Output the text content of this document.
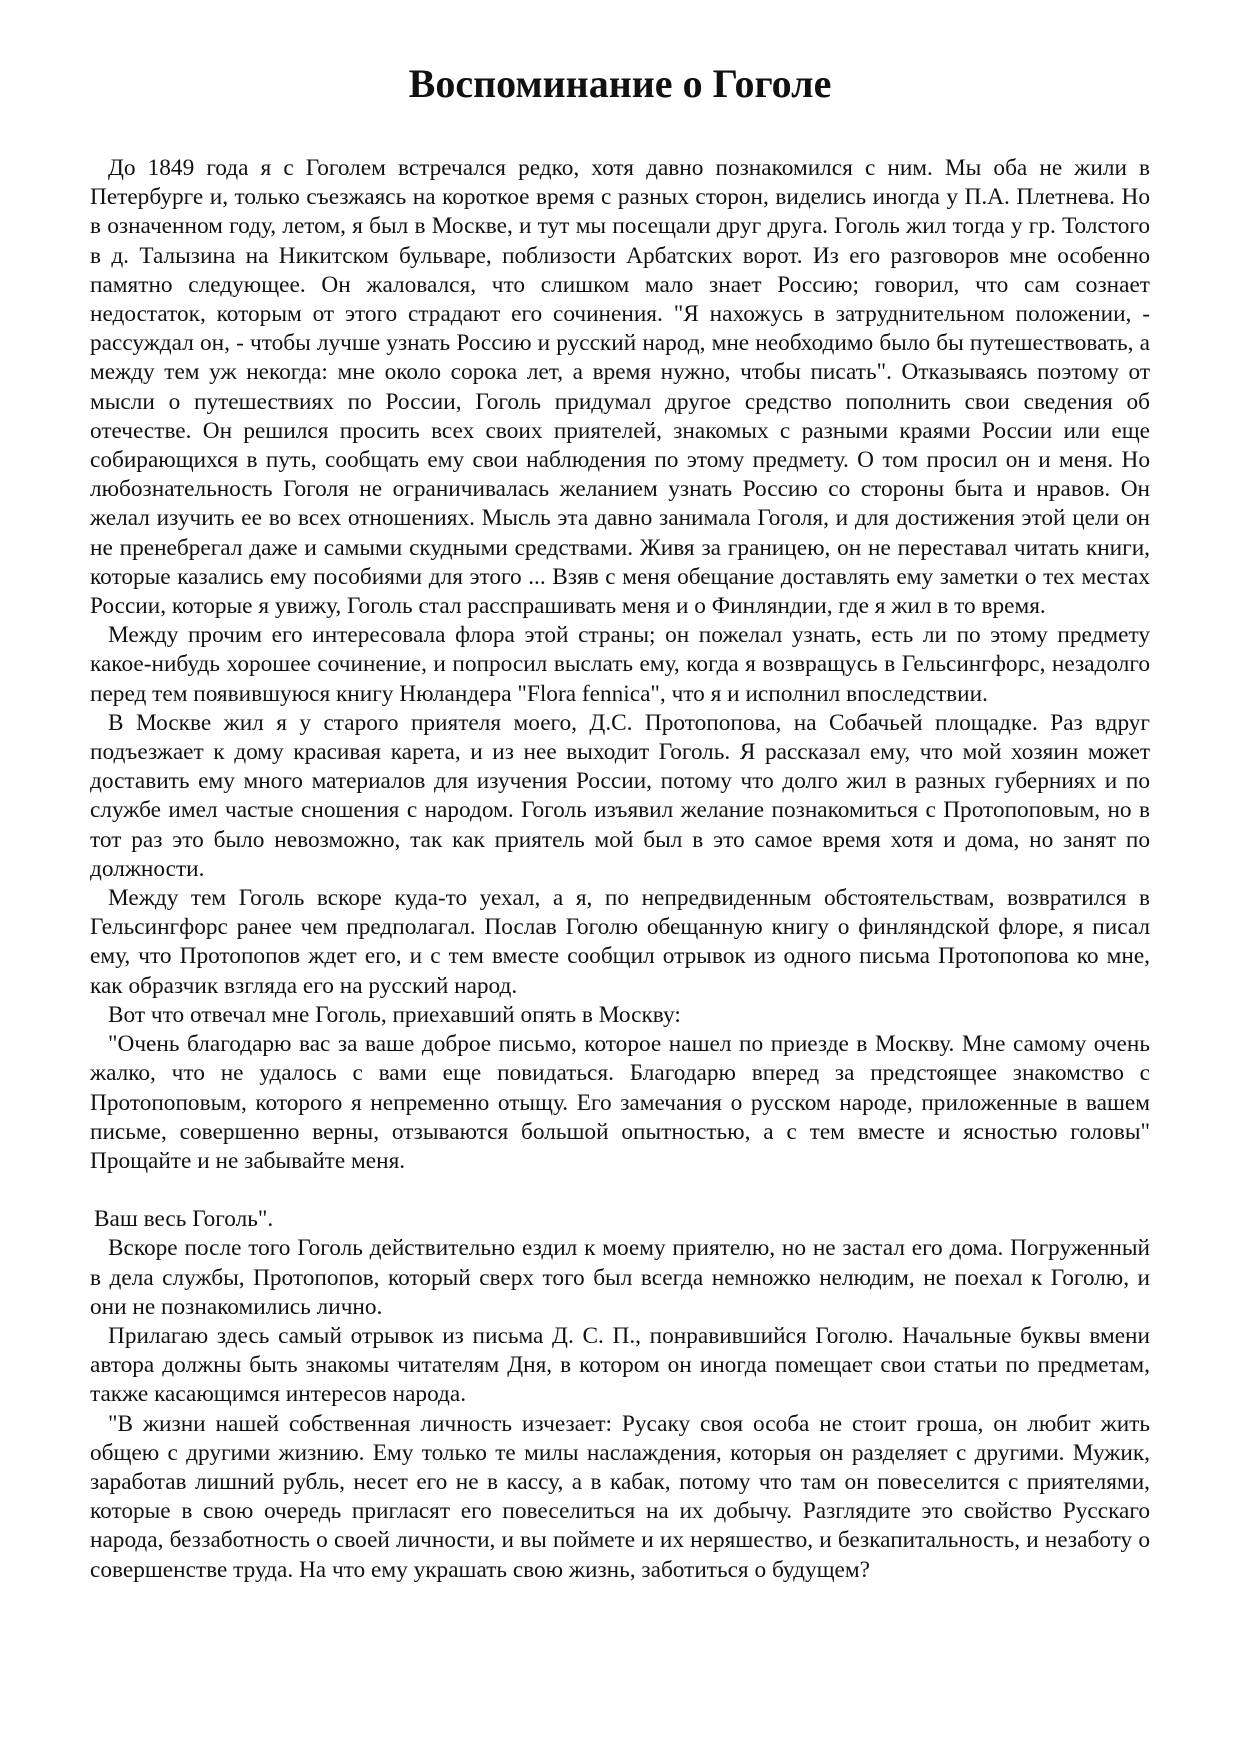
Воспоминание о Гоголе

До 1849 года я с Гоголем встречался редко, хотя давно познакомился с ним. Мы оба не жили в Петербурге и, только съезжаясь на короткое время с разных сторон, виделись иногда у П.А. Плетнева. Но в означенном году, летом, я был в Москве, и тут мы посещали друг друга. Гоголь жил тогда у гр. Толстого в д. Талызина на Никитском бульваре, поблизости Арбатских ворот. Из его разговоров мне особенно памятно следующее. Он жаловался, что слишком мало знает Россию; говорил, что сам сознает недостаток, которым от этого страдают его сочинения. "Я нахожусь в затруднительном положении, - рассуждал он, - чтобы лучше узнать Россию и русский народ, мне необходимо было бы путешествовать, а между тем уж некогда: мне около сорока лет, а время нужно, чтобы писать". Отказываясь поэтому от мысли о путешествиях по России, Гоголь придумал другое средство пополнить свои сведения об отечестве. Он решился просить всех своих приятелей, знакомых с разными краями России или еще собирающихся в путь, сообщать ему свои наблюдения по этому предмету. О том просил он и меня. Но любознательность Гоголя не ограничивалась желанием узнать Россию со стороны быта и нравов. Он желал изучить ее во всех отношениях. Мысль эта давно занимала Гоголя, и для достижения этой цели он не пренебрегал даже и самыми скудными средствами. Живя за границею, он не переставал читать книги, которые казались ему пособиями для этого ... Взяв с меня обещание доставлять ему заметки о тех местах России, которые я увижу, Гоголь стал расспрашивать меня и о Финляндии, где я жил в то время.

Между прочим его интересовала флора этой страны; он пожелал узнать, есть ли по этому предмету какое-нибудь хорошее сочинение, и попросил выслать ему, когда я возвращусь в Гельсингфорс, незадолго перед тем появившуюся книгу Нюландера "Flora fennica", что я и исполнил впоследствии.

В Москве жил я у старого приятеля моего, Д.С. Протопопова, на Собачьей площадке. Раз вдруг подъезжает к дому красивая карета, и из нее выходит Гоголь. Я рассказал ему, что мой хозяин может доставить ему много материалов для изучения России, потому что долго жил в разных губерниях и по службе имел частые сношения с народом. Гоголь изъявил желание познакомиться с Протопоповым, но в тот раз это было невозможно, так как приятель мой был в это самое время хотя и дома, но занят по должности.

Между тем Гоголь вскоре куда-то уехал, а я, по непредвиденным обстоятельствам, возвратился в Гельсингфорс ранее чем предполагал. Послав Гоголю обещанную книгу о финляндской флоре, я писал ему, что Протопопов ждет его, и с тем вместе сообщил отрывок из одного письма Протопопова ко мне, как образчик взгляда его на русский народ.

Вот что отвечал мне Гоголь, приехавший опять в Москву:

"Очень благодарю вас за ваше доброе письмо, которое нашел по приезде в Москву. Мне самому очень жалко, что не удалось с вами еще повидаться. Благодарю вперед за предстоящее знакомство с Протопоповым, которого я непременно отыщу. Его замечания о русском народе, приложенные в вашем письме, совершенно верны, отзываются большой опытностью, а с тем вместе и ясностью головы" Прощайте и не забывайте меня.

Ваш весь Гоголь".

Вскоре после того Гоголь действительно ездил к моему приятелю, но не застал его дома. Погруженный в дела службы, Протопопов, который сверх того был всегда немножко нелюдим, не поехал к Гоголю, и они не познакомились лично.

Прилагаю здесь самый отрывок из письма Д. С. П., понравившийся Гоголю. Начальные буквы вмени автора должны быть знакомы читателям Дня, в котором он иногда помещает свои статьи по предметам, также касающимся интересов народа.

"В жизни нашей собственная личность изчезает: Русаку своя особа не стоит гроша, он любит жить общею с другими жизнию. Ему только те милы наслаждения, которыя он разделяет с другими. Мужик, заработав лишний рубль, несет его не в кассу, а в кабак, потому что там он повеселится с приятелями, которые в свою очередь пригласят его повеселиться на их добычу. Разглядите это свойство Русскаго народа, беззаботность о своей личности, и вы поймете и их неряшество, и безкапитальность, и незаботу о совершенстве труда. На что ему украшать свою жизнь, заботиться о будущем?
